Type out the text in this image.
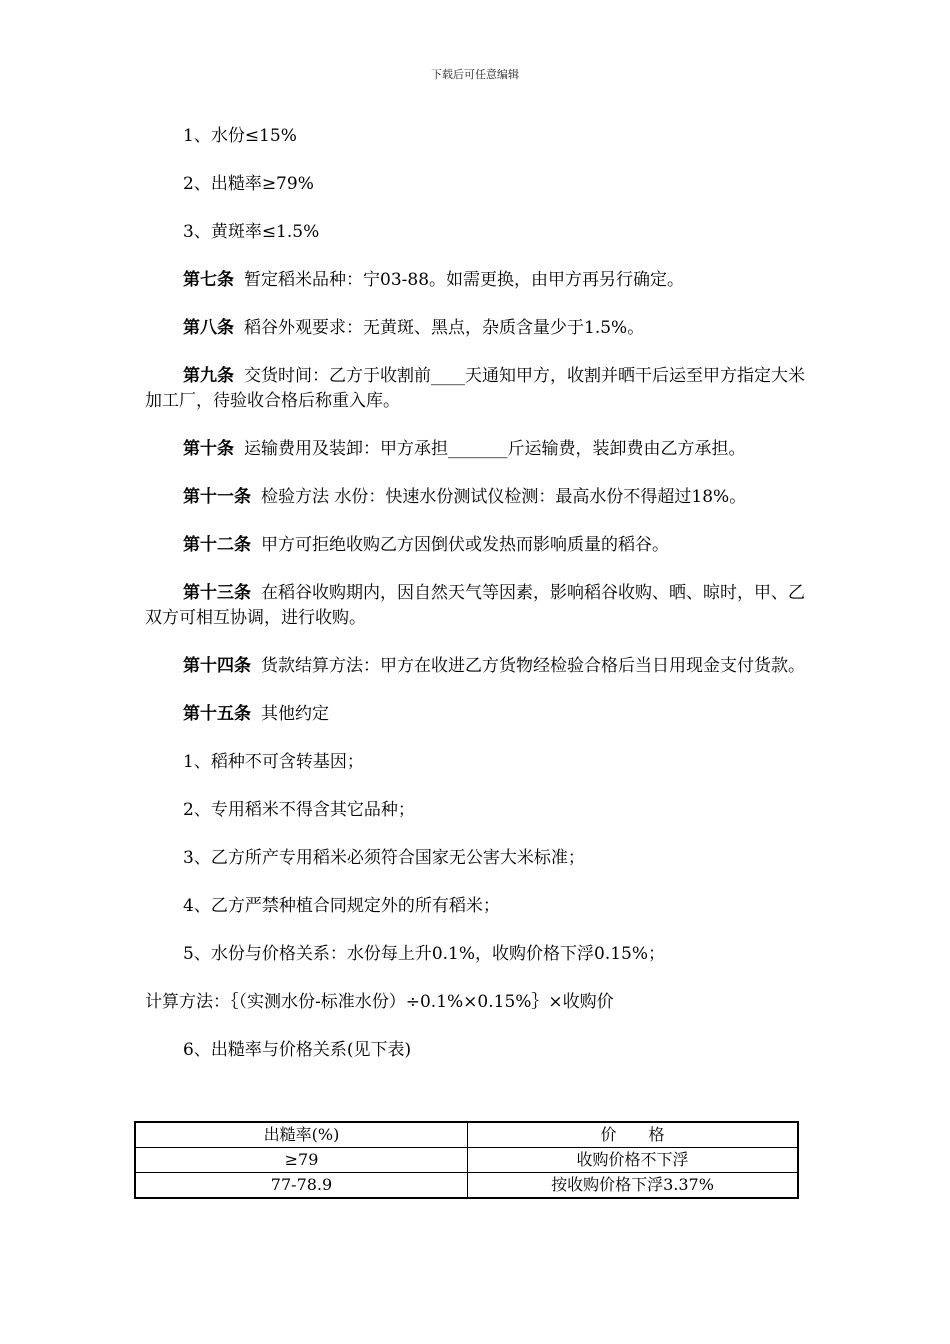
下载后可任意编辑

1、水份≤15%

2、出糙率≥79%

3、黄斑率≤1.5%

第七条 暂定稻米品种：宁03-88。如需更换，由甲方再另行确定。

第八条 稻谷外观要求：无黄斑、黑点，杂质含量少于1.5%。

第九条 交货时间：乙方于收割前____天通知甲方，收割并晒干后运至甲方指定大米加工厂，待验收合格后称重入库。

第十条 运输费用及装卸：甲方承担_______斤运输费，装卸费由乙方承担。

第十一条 检验方法 水份：快速水份测试仪检测：最高水份不得超过18%。

第十二条 甲方可拒绝收购乙方因倒伏或发热而影响质量的稻谷。

第十三条 在稻谷收购期内，因自然天气等因素，影响稻谷收购、晒、晾时，甲、乙双方可相互协调，进行收购。

第十四条 货款结算方法：甲方在收进乙方货物经检验合格后当日用现金支付货款。

第十五条 其他约定

1、稻种不可含转基因；

2、专用稻米不得含其它品种；

3、乙方所产专用稻米必须符合国家无公害大米标准；

4、乙方严禁种植合同规定外的所有稻米；

5、水份与价格关系：水份每上升0.1%，收购价格下浮0.15%；

计算方法：｛（实测水份-标准水份）÷0.1%×0.15%｝×收购价

6、出糙率与价格关系(见下表)

出糙率(%)	价　　格
≥79	收购价格不下浮
77-78.9	按收购价格下浮3.37%
